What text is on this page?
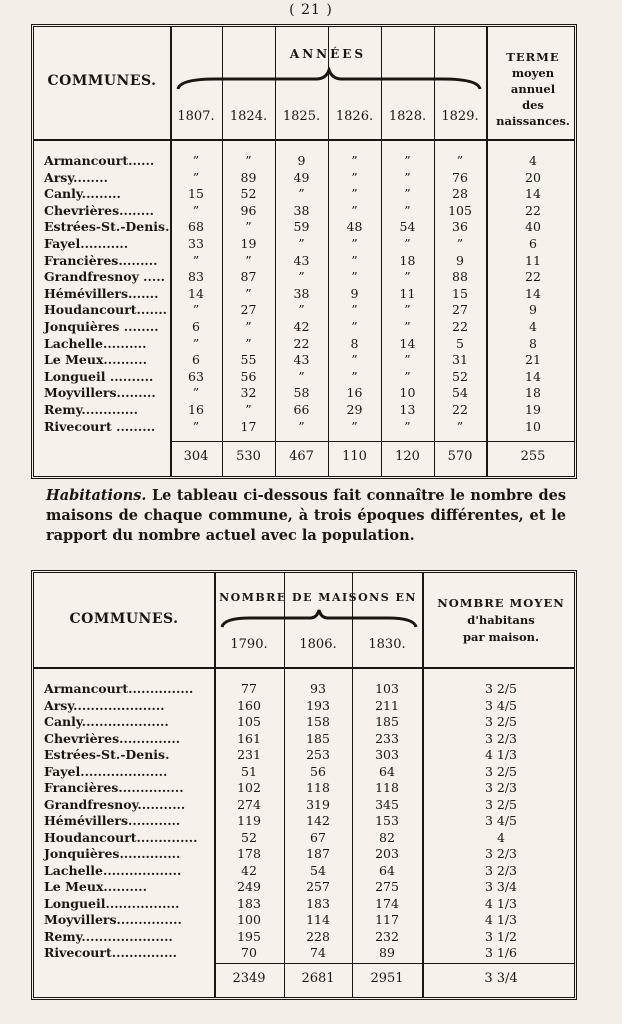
( 21 )
COMMUNES.
ANNÉES	TERME
moyen
annuel
des
naissances.
1807.	1824.	1825.	1826.	1828.	1829.
Armancourt......	”	”	9	”	”	”	4
Arsy........	”	89	49	”	”	76	20
Canly.........	15	52	”	”	”	28	14
Chevrières........	”	96	38	”	”	105	22
Estrées-St.-Denis.	68	”	59	48	54	36	40
Fayel...........	33	19	”	”	”	”	6
Francières.........	”	”	43	”	18	9	11
Grandfresnoy .....	83	87	”	”	”	88	22
Hémévillers.......	14	”	38	9	11	15	14
Houdancourt.......	”	27	”	”	”	27	9
Jonquières ........	6	”	42	”	”	22	4
Lachelle..........	”	”	22	8	14	5	8
Le Meux..........	6	55	43	”	”	31	21
Longueil ..........	63	56	”	”	”	52	14
Moyvillers.........	”	32	58	16	10	54	18
Remy.............	16	”	66	29	13	22	19
Rivecourt .........	”	17	”	”	”	”	10
304	530	467	110	120	570	255
Habitations. Le tableau ci-dessous fait connaître le nombre des maisons de chaque commune, à trois époques différentes, et le rapport du nombre actuel avec la population.
COMMUNES.
NOMBRE DE MAISONS EN	NOMBRE MOYEN
d'habitans
par maison.
1790.	1806.	1830.
Armancourt...............	77	93	103	3 2/5
Arsy.....................	160	193	211	3 4/5
Canly....................	105	158	185	3 2/5
Chevrières..............	161	185	233	3 2/3
Estrées-St.-Denis.	231	253	303	4 1/3
Fayel....................	51	56	64	3 2/5
Francières...............	102	118	118	3 2/3
Grandfresnoy...........	274	319	345	3 2/5
Hémévillers............	119	142	153	3 4/5
Houdancourt..............	52	67	82	4
Jonquières..............	178	187	203	3 2/3
Lachelle..................	42	54	64	3 2/3
Le Meux..........	249	257	275	3 3/4
Longueil.................	183	183	174	4 1/3
Moyvillers...............	100	114	117	4 1/3
Remy.....................	195	228	232	3 1/2
Rivecourt...............	70	74	89	3 1/6
2349	2681	2951	3 3/4
